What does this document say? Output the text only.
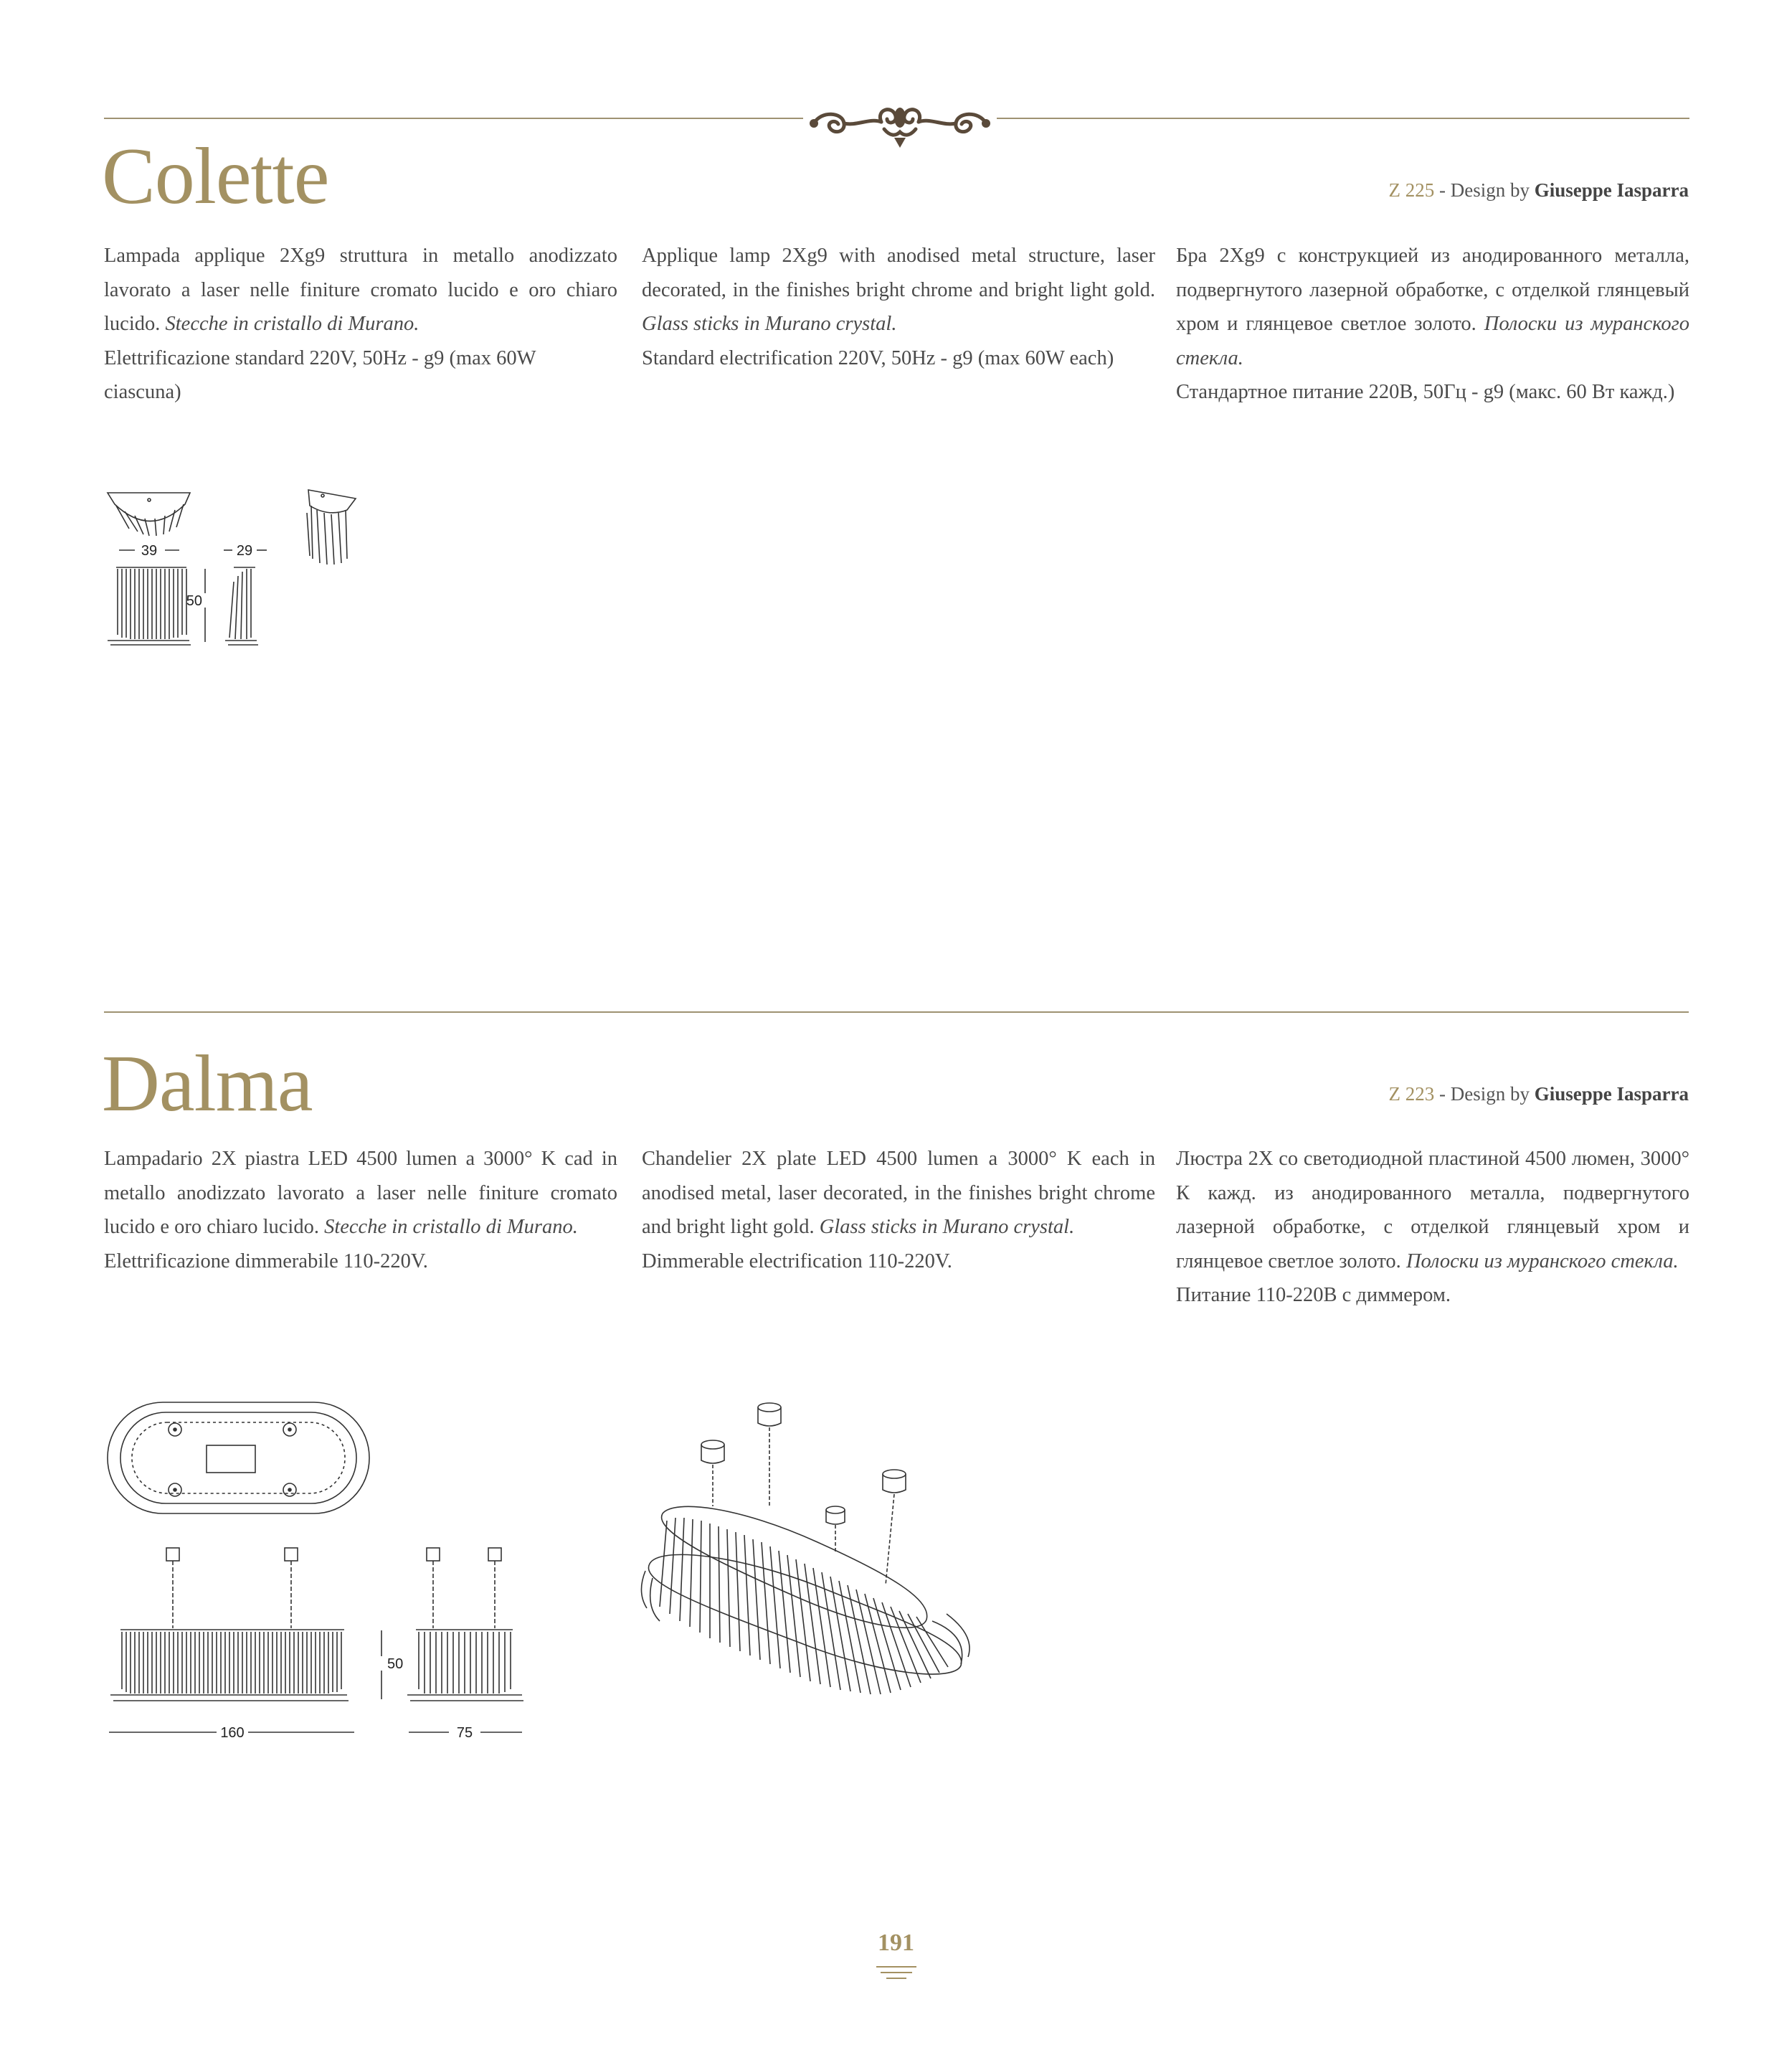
Colette	Z 225 - Design by Giuseppe Iasparra

Lampada applique 2Xg9 struttura in metallo anodizzato lavorato a laser nelle finiture cromato lucido e oro chiaro lucido. Stecche in cristallo di Murano.

Elettrificazione standard 220V, 50Hz - g9 (max 60W ciascuna)

Applique lamp 2Xg9 with anodised metal structure, laser decorated, in the finishes bright chrome and bright light gold. Glass sticks in Murano crystal.

Standard electrification 220V, 50Hz - g9 (max 60W each)

Бра 2Xg9 с конструкцией из анодированного металла, подвергнутого лазерной обработке, с отделкой глянцевый хром и глянцевое светлое золото. Полоски из муранского стекла.

Стандартное питание 220В, 50Гц - g9 (макс. 60 Вт кажд.)

39	29
50
Dalma	Z 223 - Design by Giuseppe Iasparra

Lampadario 2X piastra LED 4500 lumen a 3000° K cad in metallo anodizzato lavorato a laser nelle finiture cromato lucido e oro chiaro lucido. Stecche in cristallo di Murano.

Elettrificazione dimmerabile 110-220V.

Chandelier 2X plate LED 4500 lumen a 3000° K each in anodised metal, laser decorated, in the finishes bright chrome and bright light gold. Glass sticks in Murano crystal.

Dimmerable electrification 110-220V.

Люстра 2X со светодиодной пластиной 4500 люмен, 3000° К кажд. из анодированного металла, подвергнутого лазерной обработке, с отделкой глянцевый хром и глянцевое светлое золото. Полоски из муранского стекла.

Питание 110-220В с диммером.

160	75
50
191
